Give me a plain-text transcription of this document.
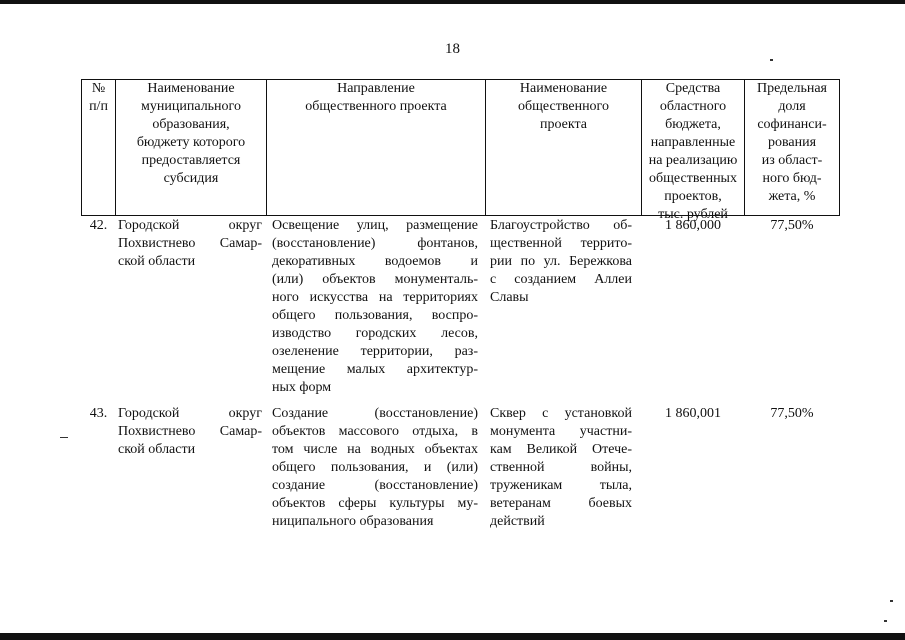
18
№
п/п
Наименование
муниципального
образования,
бюджету которого
предоставляется
субсидия
Направление
общественного проекта
Наименование
общественного
проекта
Средства
областного
бюджета,
направленные
на реализацию
общественных
проектов,
тыс. рублей
Предельная
доля
софинанси-
рования
из област-
ного бюд-
жета, %
42. Городской округ
Похвистнево Самар-
ской области
Освещение улиц, размещение
(восстановление) фонтанов,
декоративных водоемов и
(или) объектов монументаль-
ного искусства на территориях
общего пользования, воспро-
изводство городских лесов,
озеленение территории, раз-
мещение малых архитектур-
ных форм
Благоустройство об-
щественной террито-
рии по ул. Бережкова
с созданием Аллеи
Славы
1 860,000	77,50%
43. Городской округ
Похвистнево Самар-
ской области
Создание (восстановление)
объектов массового отдыха, в
том числе на водных объектах
общего пользования, и (или)
создание (восстановление)
объектов сферы культуры му-
ниципального образования
Сквер с установкой
монумента участни-
кам Великой Отече-
ственной войны,
труженикам тыла,
ветеранам боевых
действий
1 860,001	77,50%
